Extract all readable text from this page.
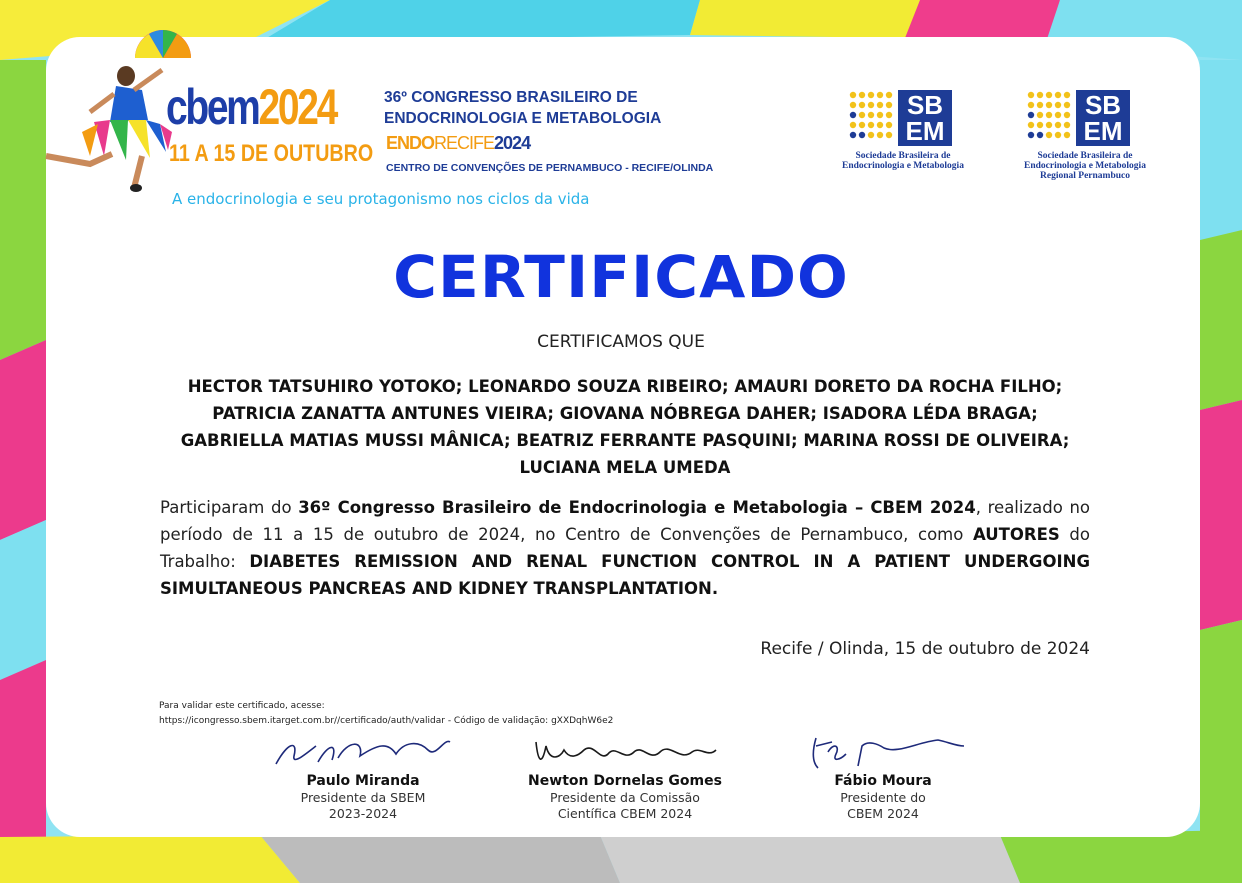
cbem2024
11 A 15 DE OUTUBRO
A endocrinologia e seu protagonismo nos ciclos da vida
36º CONGRESSO BRASILEIRO DE
ENDOCRINOLOGIA E METABOLOGIA
ENDORECIFE2024
CENTRO DE CONVENÇÕES DE PERNAMBUCO - RECIFE/OLINDA
SB
EM
Sociedade Brasileira de
Endocrinologia e Metabologia
SB
EM
Sociedade Brasileira de
Endocrinologia e Metabologia
Regional Pernambuco
CERTIFICADO
CERTIFICAMOS QUE
HECTOR TATSUHIRO YOTOKO; LEONARDO SOUZA RIBEIRO; AMAURI DORETO DA ROCHA FILHO; PATRICIA ZANATTA ANTUNES VIEIRA; GIOVANA NÓBREGA DAHER; ISADORA LÉDA BRAGA; GABRIELLA MATIAS MUSSI MÂNICA; BEATRIZ FERRANTE PASQUINI; MARINA ROSSI DE OLIVEIRA; LUCIANA MELA UMEDA
Participaram do 36º Congresso Brasileiro de Endocrinologia e Metabologia – CBEM 2024, realizado no período de 11 a 15 de outubro de 2024, no Centro de Convenções de Pernambuco, como AUTORES do Trabalho: DIABETES REMISSION AND RENAL FUNCTION CONTROL IN A PATIENT UNDERGOING SIMULTANEOUS PANCREAS AND KIDNEY TRANSPLANTATION.
Recife / Olinda, 15 de outubro de 2024
Para validar este certificado, acesse:
https://icongresso.sbem.itarget.com.br//certificado/auth/validar - Código de validação: gXXDqhW6e2
Paulo Miranda
Presidente da SBEM
2023-2024
Newton Dornelas Gomes
Presidente da Comissão
Científica CBEM 2024
Fábio Moura
Presidente do
CBEM 2024
